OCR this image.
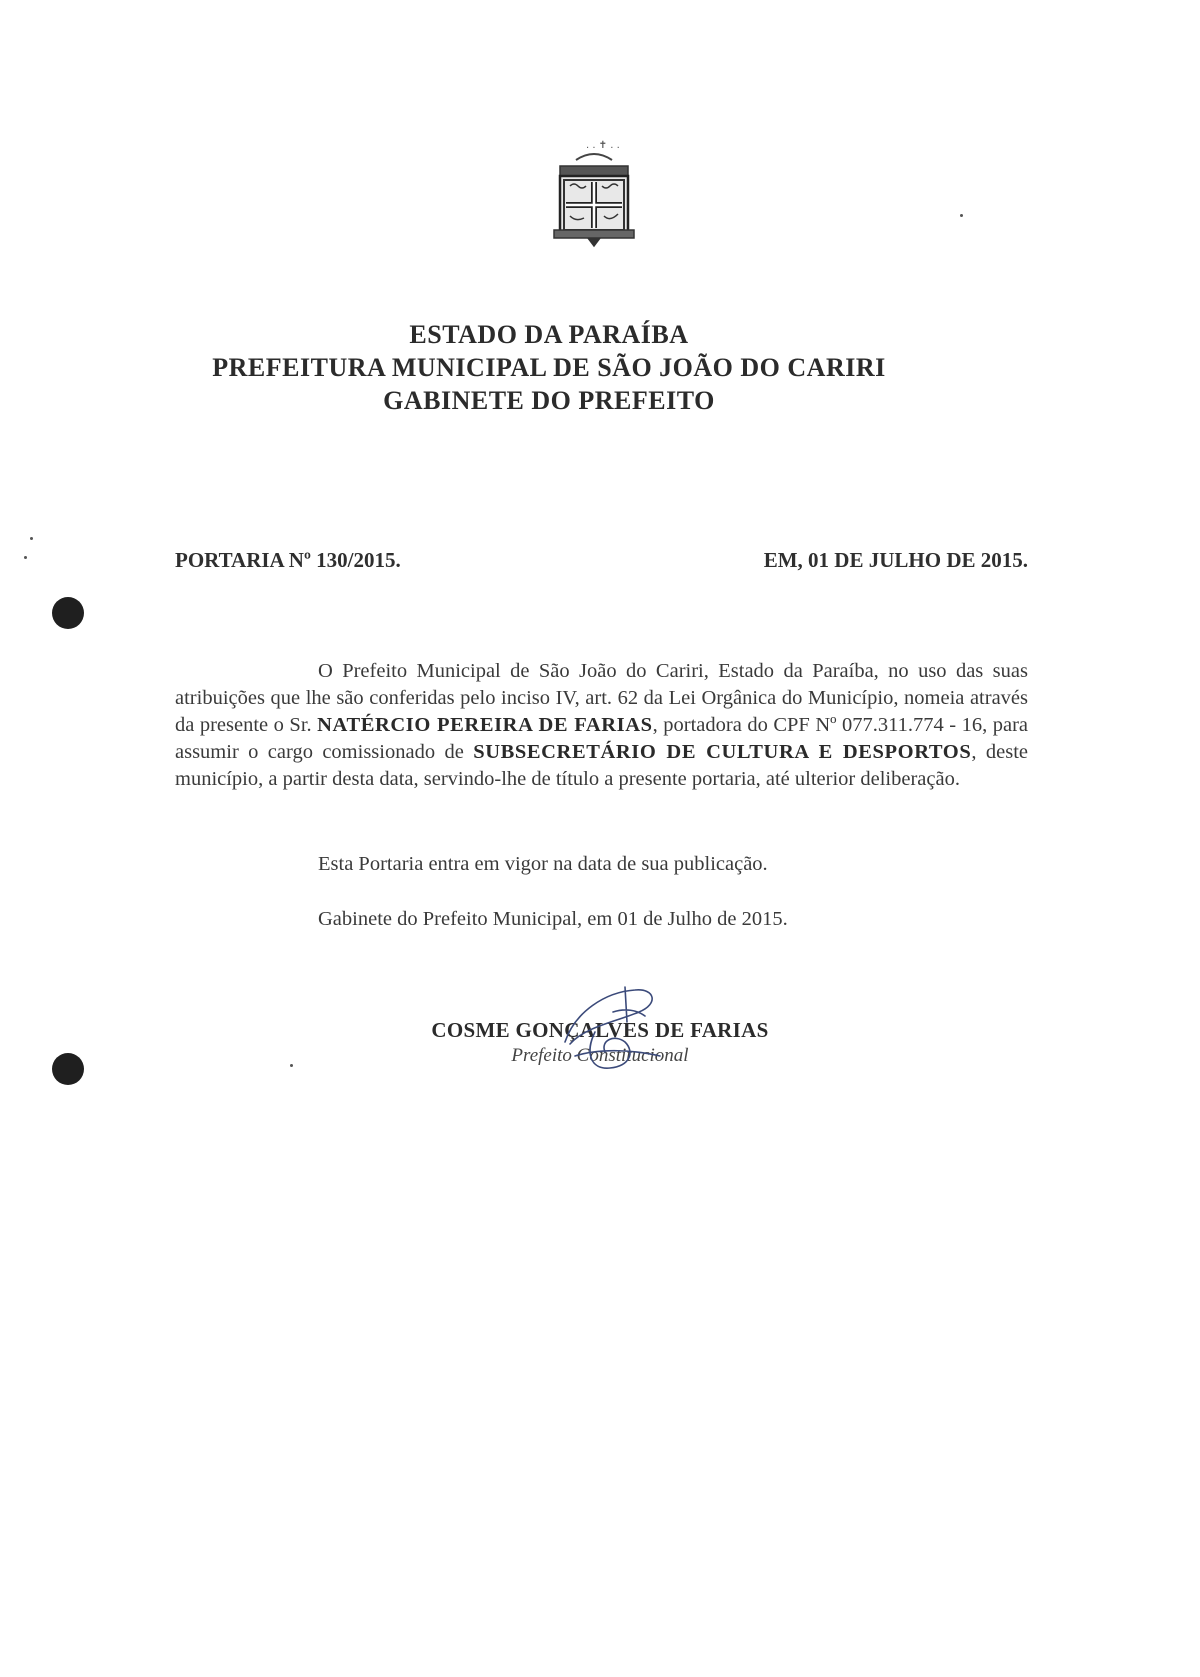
. . ✝ . .
ESTADO DA PARAÍBA
PREFEITURA MUNICIPAL DE SÃO JOÃO DO CARIRI
GABINETE DO PREFEITO
PORTARIA Nº 130/2015.	EM, 01 DE JULHO DE 2015.

O Prefeito Municipal de São João do Cariri, Estado da Paraíba, no uso das suas atribuições que lhe são conferidas pelo inciso IV, art. 62 da Lei Orgânica do Município, nomeia através da presente o Sr. NATÉRCIO PEREIRA DE FARIAS, portadora do CPF Nº 077.311.774 - 16, para assumir o cargo comissionado de SUBSECRETÁRIO DE CULTURA E DESPORTOS, deste município, a partir desta data, servindo-lhe de título a presente portaria, até ulterior deliberação.

Esta Portaria entra em vigor na data de sua publicação.
Gabinete do Prefeito Municipal, em 01 de Julho de 2015.
COSME GONÇALVES DE FARIAS
Prefeito Constitucional
